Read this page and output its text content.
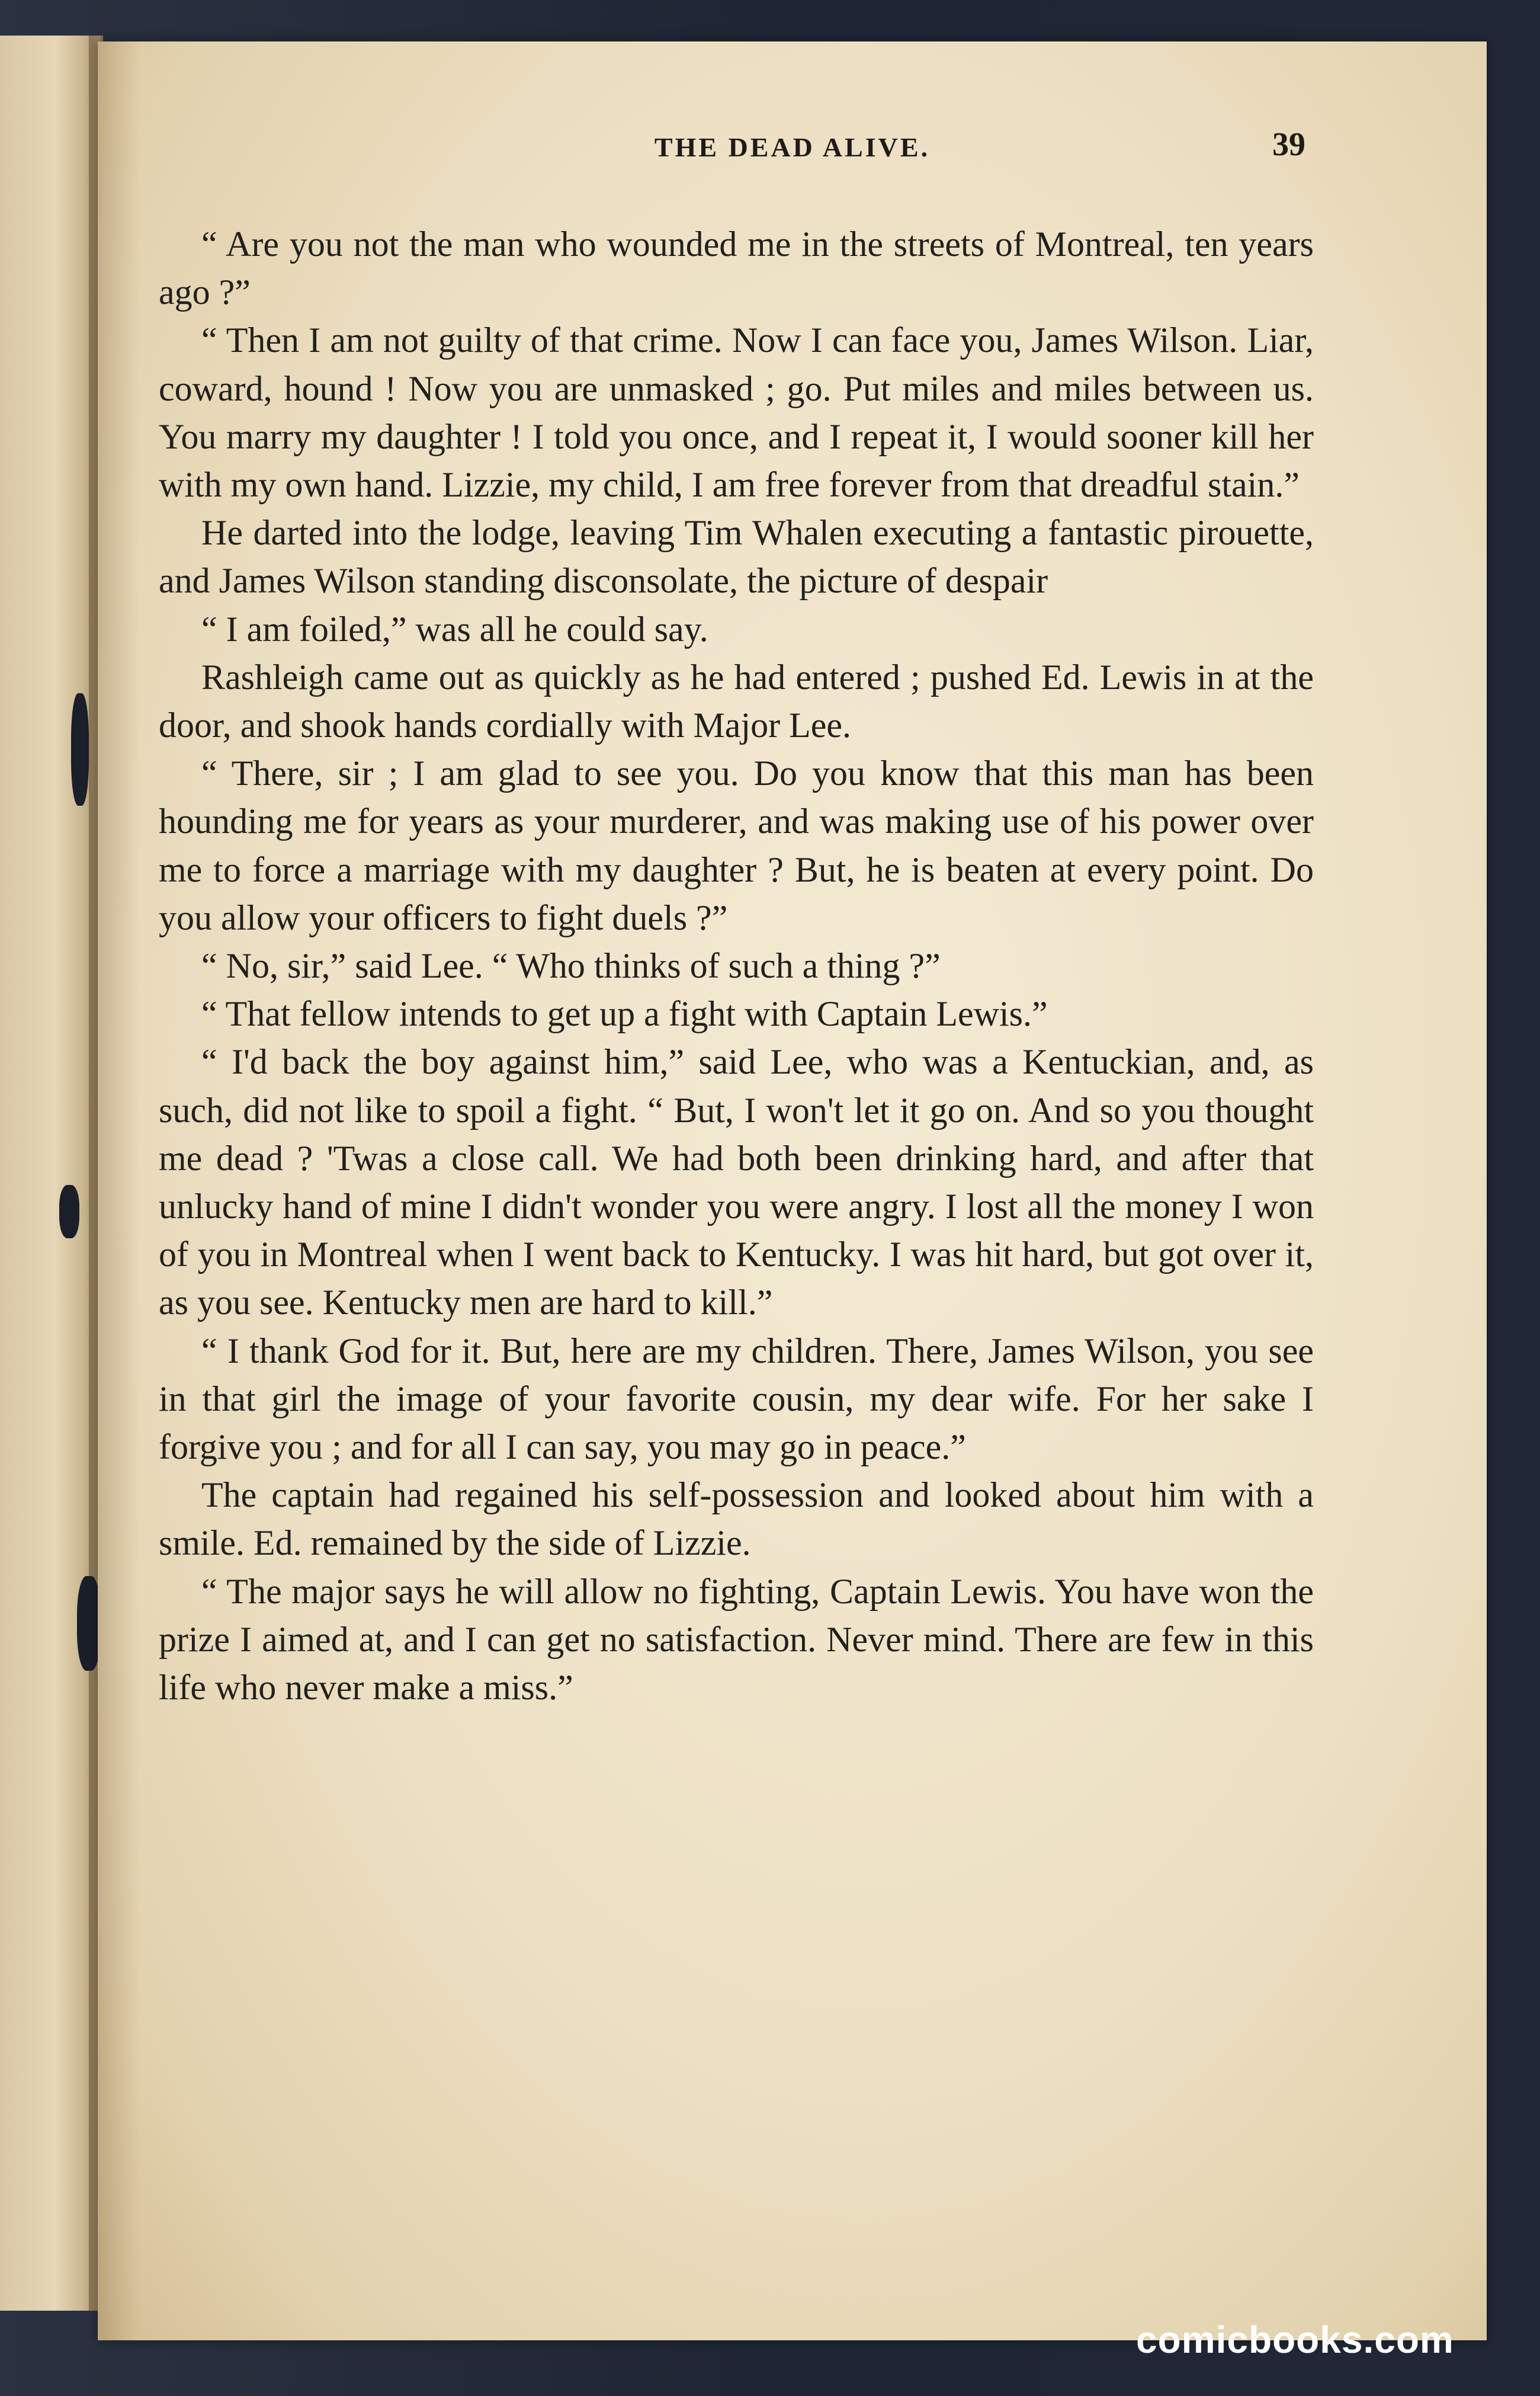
THE DEAD ALIVE.	39

“ Are you not the man who wounded me in the streets of Montreal, ten years ago ?”

“ Then I am not guilty of that crime. Now I can face you, James Wilson. Liar, coward, hound ! Now you are unmasked ; go. Put miles and miles between us. You marry my daughter ! I told you once, and I repeat it, I would sooner kill her with my own hand. Lizzie, my child, I am free forever from that dreadful stain.”

He darted into the lodge, leaving Tim Whalen executing a fantastic pirouette, and James Wilson standing disconsolate, the picture of despair

“ I am foiled,” was all he could say.

Rashleigh came out as quickly as he had entered ; pushed Ed. Lewis in at the door, and shook hands cordially with Major Lee.

“ There, sir ; I am glad to see you. Do you know that this man has been hounding me for years as your murderer, and was making use of his power over me to force a marriage with my daughter ? But, he is beaten at every point. Do you allow your officers to fight duels ?”

“ No, sir,” said Lee. “ Who thinks of such a thing ?”

“ That fellow intends to get up a fight with Captain Lewis.”

“ I'd back the boy against him,” said Lee, who was a Kentuckian, and, as such, did not like to spoil a fight. “ But, I won't let it go on. And so you thought me dead ? 'Twas a close call. We had both been drinking hard, and after that unlucky hand of mine I didn't wonder you were angry. I lost all the money I won of you in Montreal when I went back to Kentucky. I was hit hard, but got over it, as you see. Kentucky men are hard to kill.”

“ I thank God for it. But, here are my children. There, James Wilson, you see in that girl the image of your favorite cousin, my dear wife. For her sake I forgive you ; and for all I can say, you may go in peace.”

The captain had regained his self-possession and looked about him with a smile. Ed. remained by the side of Lizzie.

“ The major says he will allow no fighting, Captain Lewis. You have won the prize I aimed at, and I can get no satisfaction. Never mind. There are few in this life who never make a miss.”

comicbooks.com
